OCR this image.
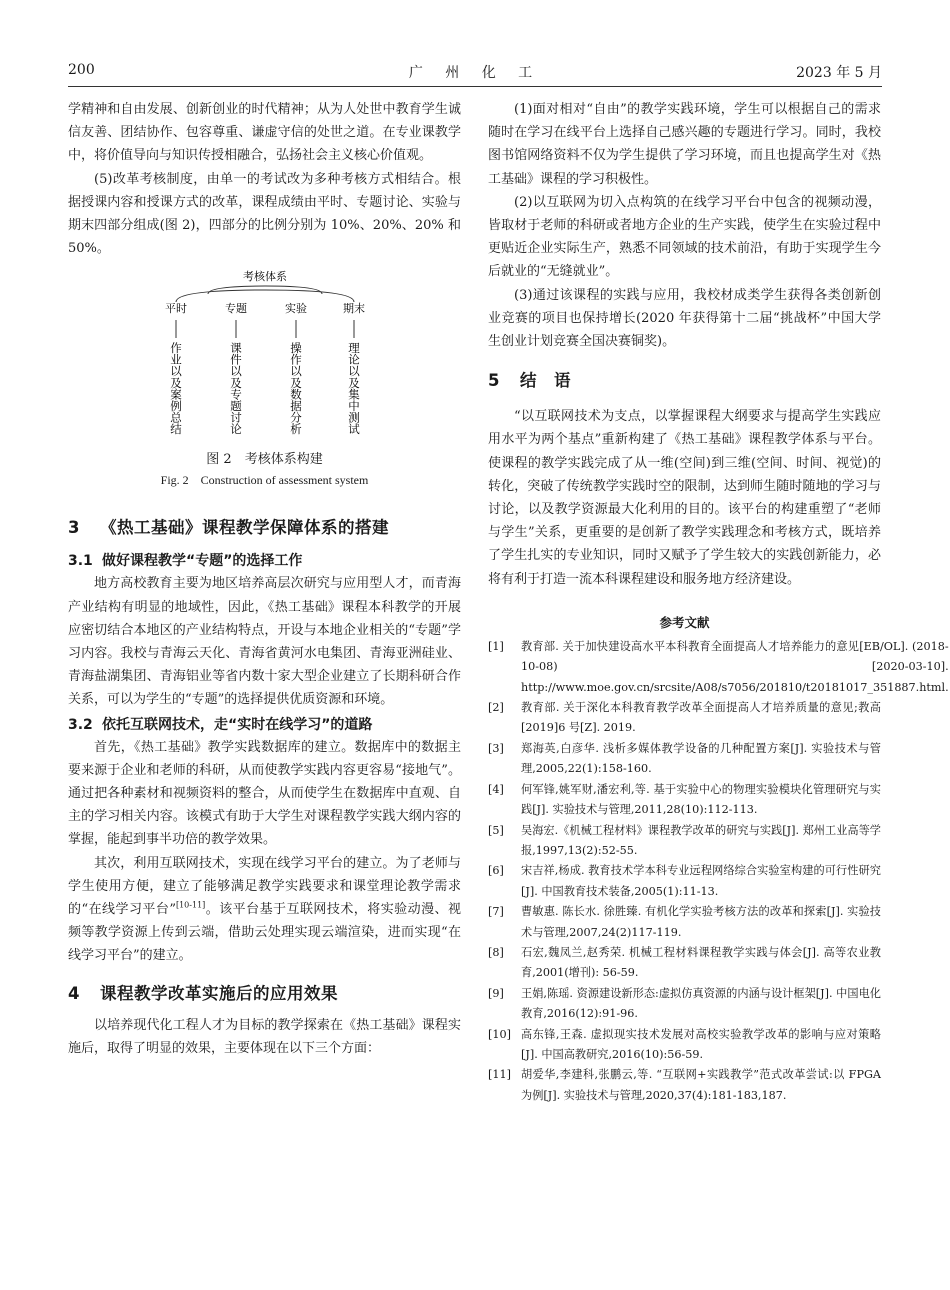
200	广 州 化 工	2023 年 5 月

学精神和自由发展、创新创业的时代精神；从为人处世中教育学生诚信友善、团结协作、包容尊重、谦虚守信的处世之道。在专业课教学中，将价值导向与知识传授相融合，弘扬社会主义核心价值观。

(5)改革考核制度，由单一的考试改为多种考核方式相结合。根据授课内容和授课方式的改革，课程成绩由平时、专题讨论、实验与期末四部分组成(图 2)，四部分的比例分别为 10%、20%、20% 和 50%。

考核体系
平时	专题	实验	期末
作
业
以
及
案
例
总
结
课
件
以
及
专
题
讨
论
操
作
以
及
数
据
分
析
理
论
以
及
集
中
测
试
图 2　考核体系构建
Fig. 2　Construction of assessment system
3 《热工基础》课程教学保障体系的搭建
3.1 做好课程教学“专题”的选择工作

地方高校教育主要为地区培养高层次研究与应用型人才，而青海产业结构有明显的地域性，因此，《热工基础》课程本科教学的开展应密切结合本地区的产业结构特点，开设与本地企业相关的“专题”学习内容。我校与青海云天化、青海省黄河水电集团、青海亚洲硅业、青海盐湖集团、青海铝业等省内数十家大型企业建立了长期科研合作关系，可以为学生的“专题”的选择提供优质资源和环境。

3.2 依托互联网技术，走“实时在线学习”的道路

首先，《热工基础》教学实践数据库的建立。数据库中的数据主要来源于企业和老师的科研，从而使教学实践内容更容易“接地气”。通过把各种素材和视频资料的整合，从而使学生在数据库中直观、自主的学习相关内容。该模式有助于大学生对课程教学实践大纲内容的掌握，能起到事半功倍的教学效果。

其次，利用互联网技术，实现在线学习平台的建立。为了老师与学生使用方便，建立了能够满足教学实践要求和课堂理论教学需求的“在线学习平台”[10-11]。该平台基于互联网技术，将实验动漫、视频等教学资源上传到云端，借助云处理实现云端渲染，进而实现“在线学习平台”的建立。

4 课程教学改革实施后的应用效果

以培养现代化工程人才为目标的教学探索在《热工基础》课程实施后，取得了明显的效果，主要体现在以下三个方面：

(1)面对相对“自由”的教学实践环境，学生可以根据自己的需求随时在学习在线平台上选择自己感兴趣的专题进行学习。同时，我校图书馆网络资料不仅为学生提供了学习环境，而且也提高学生对《热工基础》课程的学习积极性。

(2)以互联网为切入点构筑的在线学习平台中包含的视频动漫，皆取材于老师的科研或者地方企业的生产实践，使学生在实验过程中更贴近企业实际生产，熟悉不同领域的技术前沿，有助于实现学生今后就业的“无缝就业”。

(3)通过该课程的实践与应用，我校材成类学生获得各类创新创业竞赛的项目也保持增长(2020 年获得第十二届“挑战杯”中国大学生创业计划竞赛全国决赛铜奖)。

5 结　语

“以互联网技术为支点，以掌握课程大纲要求与提高学生实践应用水平为两个基点”重新构建了《热工基础》课程教学体系与平台。使课程的教学实践完成了从一维(空间)到三维(空间、时间、视觉)的转化，突破了传统教学实践时空的限制，达到师生随时随地的学习与讨论，以及教学资源最大化利用的目的。该平台的构建重塑了“老师与学生”关系，更重要的是创新了教学实践理念和考核方式，既培养了学生扎实的专业知识，同时又赋予了学生较大的实践创新能力，必将有利于打造一流本科课程建设和服务地方经济建设。

参考文献
[1]	教育部. 关于加快建设高水平本科教育全面提高人才培养能力的意见[EB/OL]. (2018-10-08) [2020-03-10]. http://www.moe.gov.cn/srcsite/A08/s7056/201810/t20181017_351887.html.
[2]	教育部. 关于深化本科教育教学改革全面提高人才培养质量的意见;教高[2019]6 号[Z]. 2019.
[3]	郑海英,白彦华. 浅析多媒体教学设备的几种配置方案[J]. 实验技术与管理,2005,22(1):158-160.
[4]	何军锋,姚军财,潘宏利,等. 基于实验中心的物理实验模块化管理研究与实践[J]. 实验技术与管理,2011,28(10):112-113.
[5]	吴海宏.《机械工程材料》课程教学改革的研究与实践[J]. 郑州工业高等学报,1997,13(2):52-55.
[6]	宋吉祥,杨成. 教育技术学本科专业远程网络综合实验室构建的可行性研究[J]. 中国教育技术装备,2005(1):11-13.
[7]	曹敏惠. 陈长水. 徐胜臻. 有机化学实验考核方法的改革和探索[J]. 实验技术与管理,2007,24(2)117-119.
[8]	石宏,魏凤兰,赵秀荣. 机械工程材料课程教学实践与体会[J]. 高等农业教育,2001(增刊): 56-59.
[9]	王娟,陈瑶. 资源建设新形态:虚拟仿真资源的内涵与设计框架[J]. 中国电化教育,2016(12):91-96.
[10] 高东锋,王森. 虚拟现实技术发展对高校实验教学改革的影响与应对策略[J]. 中国高教研究,2016(10):56-59.
[11] 胡爱华,李建科,张鹏云,等. “互联网+实践教学”范式改革尝试:以 FPGA 为例[J]. 实验技术与管理,2020,37(4):181-183,187.
